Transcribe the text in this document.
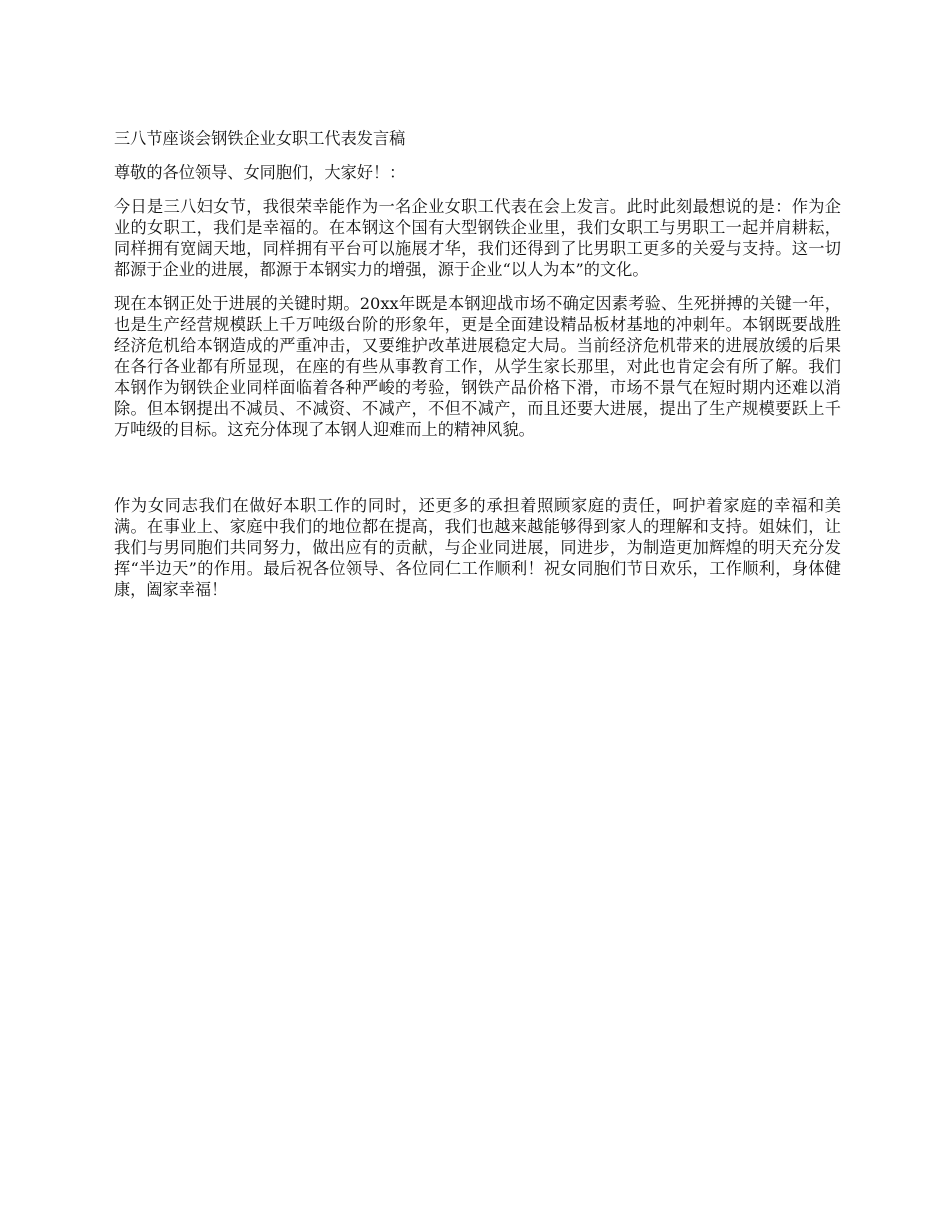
三八节座谈会钢铁企业女职工代表发言稿

尊敬的各位领导、女同胞们，大家好！：

今日是三八妇女节，我很荣幸能作为一名企业女职工代表在会上发言。此时此刻最想说的是：作为企业的女职工，我们是幸福的。在本钢这个国有大型钢铁企业里，我们女职工与男职工一起并肩耕耘，同样拥有宽阔天地，同样拥有平台可以施展才华，我们还得到了比男职工更多的关爱与支持。这一切都源于企业的进展，都源于本钢实力的增强，源于企业“以人为本”的文化。

现在本钢正处于进展的关键时期。20xx年既是本钢迎战市场不确定因素考验、生死拼搏的关键一年，也是生产经营规模跃上千万吨级台阶的形象年，更是全面建设精品板材基地的冲刺年。本钢既要战胜经济危机给本钢造成的严重冲击，又要维护改革进展稳定大局。当前经济危机带来的进展放缓的后果在各行各业都有所显现，在座的有些从事教育工作，从学生家长那里，对此也肯定会有所了解。我们本钢作为钢铁企业同样面临着各种严峻的考验，钢铁产品价格下滑，市场不景气在短时期内还难以消除。但本钢提出不减员、不减资、不减产，不但不减产，而且还要大进展，提出了生产规模要跃上千万吨级的目标。这充分体现了本钢人迎难而上的精神风貌。

作为女同志我们在做好本职工作的同时，还更多的承担着照顾家庭的责任，呵护着家庭的幸福和美满。在事业上、家庭中我们的地位都在提高，我们也越来越能够得到家人的理解和支持。姐妹们，让我们与男同胞们共同努力，做出应有的贡献，与企业同进展，同进步，为制造更加辉煌的明天充分发挥“半边天”的作用。最后祝各位领导、各位同仁工作顺利！祝女同胞们节日欢乐，工作顺利，身体健康，阖家幸福！
